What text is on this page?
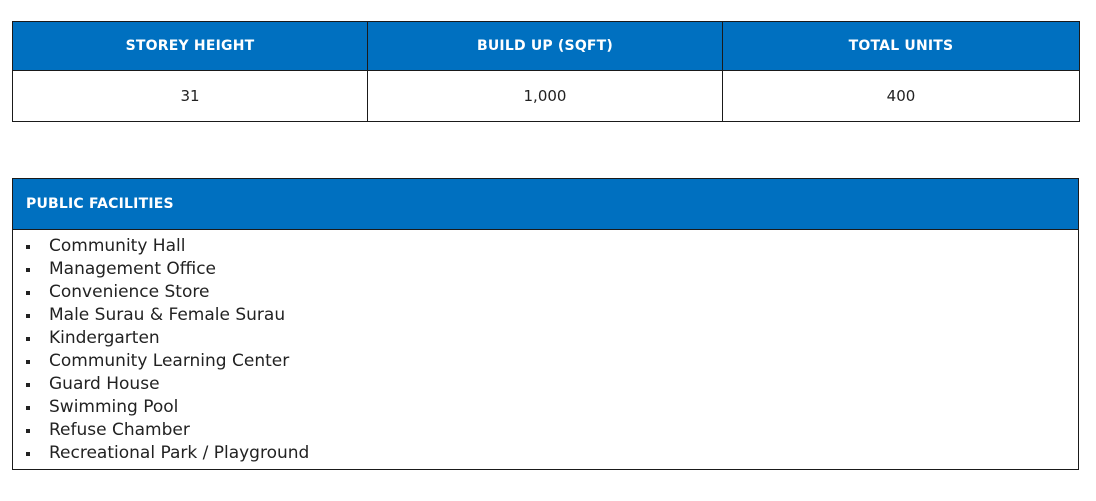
STOREY HEIGHT	BUILD UP (SQFT)	TOTAL UNITS
31	1,000	400
PUBLIC FACILITIES
Community Hall
Management Office
Convenience Store
Male Surau & Female Surau
Kindergarten
Community Learning Center
Guard House
Swimming Pool
Refuse Chamber
Recreational Park / Playground
